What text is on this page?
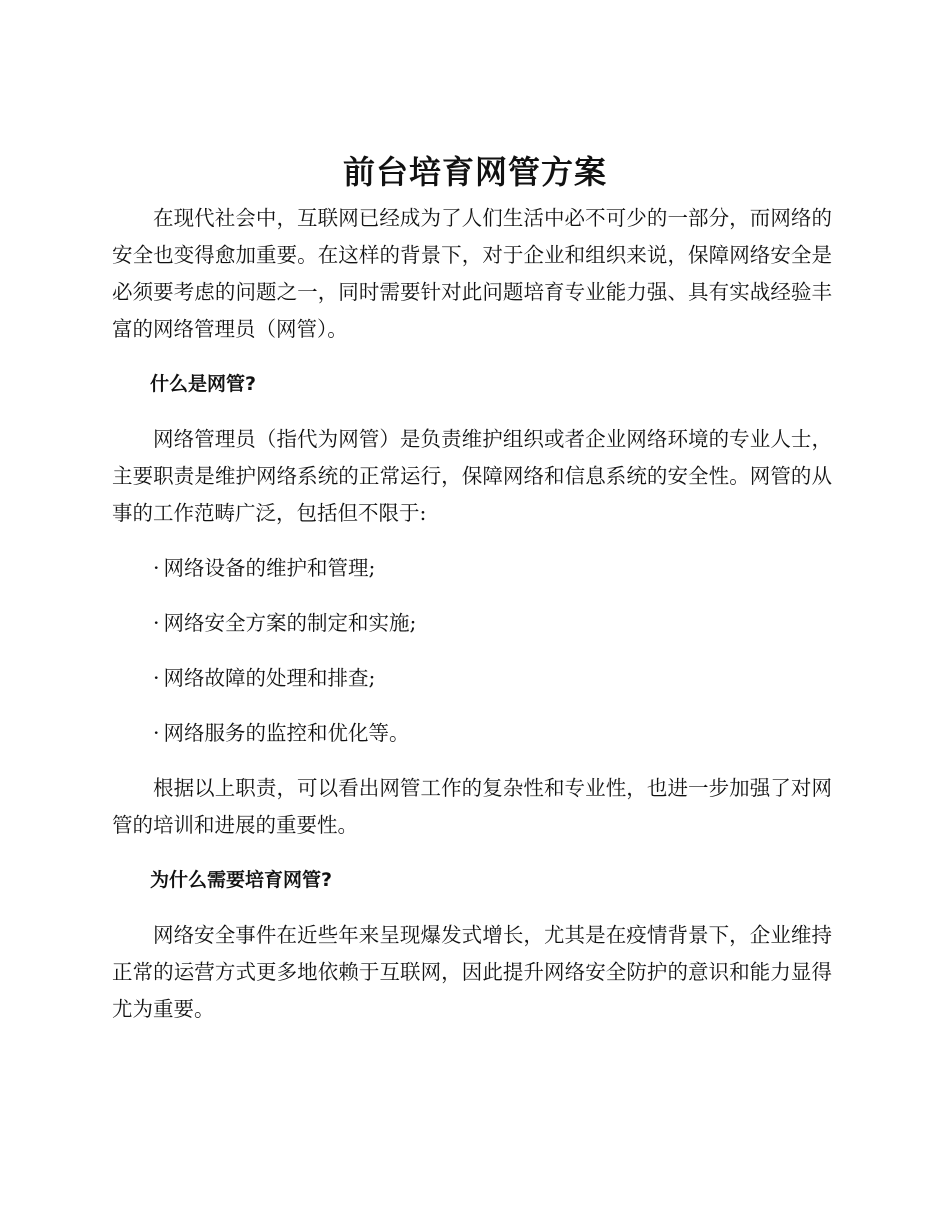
前台培育网管方案

在现代社会中，互联网已经成为了人们生活中必不可少的一部分，而网络的安全也变得愈加重要。在这样的背景下，对于企业和组织来说，保障网络安全是必须要考虑的问题之一，同时需要针对此问题培育专业能力强、具有实战经验丰富的网络管理员（网管）。

什么是网管?

网络管理员（指代为网管）是负责维护组织或者企业网络环境的专业人士，主要职责是维护网络系统的正常运行，保障网络和信息系统的安全性。网管的从事的工作范畴广泛，包括但不限于:

· 网络设备的维护和管理;
· 网络安全方案的制定和实施;
· 网络故障的处理和排查;
· 网络服务的监控和优化等。

根据以上职责，可以看出网管工作的复杂性和专业性，也进一步加强了对网管的培训和进展的重要性。

为什么需要培育网管?

网络安全事件在近些年来呈现爆发式增长，尤其是在疫情背景下，企业维持正常的运营方式更多地依赖于互联网，因此提升网络安全防护的意识和能力显得尤为重要。
